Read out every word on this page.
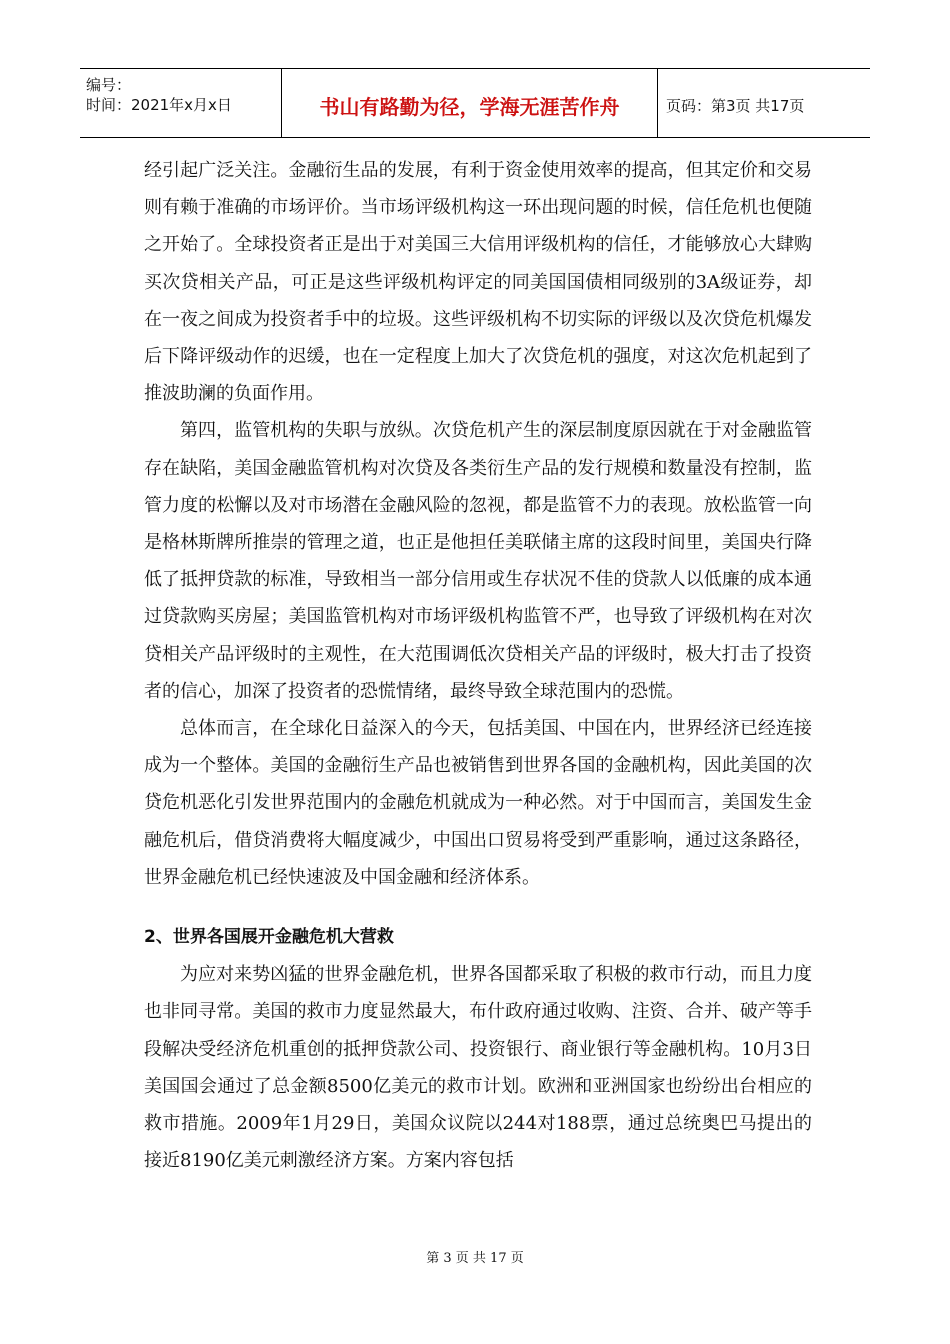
编号：
时间：2021年x月x日	书山有路勤为径，学海无涯苦作舟	页码：第3页 共17页

经引起广泛关注。金融衍生品的发展，有利于资金使用效率的提高，但其定价和交易则有赖于准确的市场评价。当市场评级机构这一环出现问题的时候，信任危机也便随之开始了。全球投资者正是出于对美国三大信用评级机构的信任，才能够放心大肆购买次贷相关产品，可正是这些评级机构评定的同美国国债相同级别的3A级证券，却在一夜之间成为投资者手中的垃圾。这些评级机构不切实际的评级以及次贷危机爆发后下降评级动作的迟缓，也在一定程度上加大了次贷危机的强度，对这次危机起到了推波助澜的负面作用。

第四，监管机构的失职与放纵。次贷危机产生的深层制度原因就在于对金融监管存在缺陷，美国金融监管机构对次贷及各类衍生产品的发行规模和数量没有控制，监管力度的松懈以及对市场潜在金融风险的忽视，都是监管不力的表现。放松监管一向是格林斯牌所推崇的管理之道，也正是他担任美联储主席的这段时间里，美国央行降低了抵押贷款的标准，导致相当一部分信用或生存状况不佳的贷款人以低廉的成本通过贷款购买房屋；美国监管机构对市场评级机构监管不严，也导致了评级机构在对次贷相关产品评级时的主观性，在大范围调低次贷相关产品的评级时，极大打击了投资者的信心，加深了投资者的恐慌情绪，最终导致全球范围内的恐慌。

总体而言，在全球化日益深入的今天，包括美国、中国在内，世界经济已经连接成为一个整体。美国的金融衍生产品也被销售到世界各国的金融机构，因此美国的次贷危机恶化引发世界范围内的金融危机就成为一种必然。对于中国而言，美国发生金融危机后，借贷消费将大幅度减少，中国出口贸易将受到严重影响，通过这条路径，世界金融危机已经快速波及中国金融和经济体系。

2、世界各国展开金融危机大营救

为应对来势凶猛的世界金融危机，世界各国都采取了积极的救市行动，而且力度也非同寻常。美国的救市力度显然最大，布什政府通过收购、注资、合并、破产等手段解决受经济危机重创的抵押贷款公司、投资银行、商业银行等金融机构。10月3日美国国会通过了总金额8500亿美元的救市计划。欧洲和亚洲国家也纷纷出台相应的救市措施。2009年1月29日，美国众议院以244对188票，通过总统奥巴马提出的接近8190亿美元刺激经济方案。方案内容包括

第 3 页 共 17 页
